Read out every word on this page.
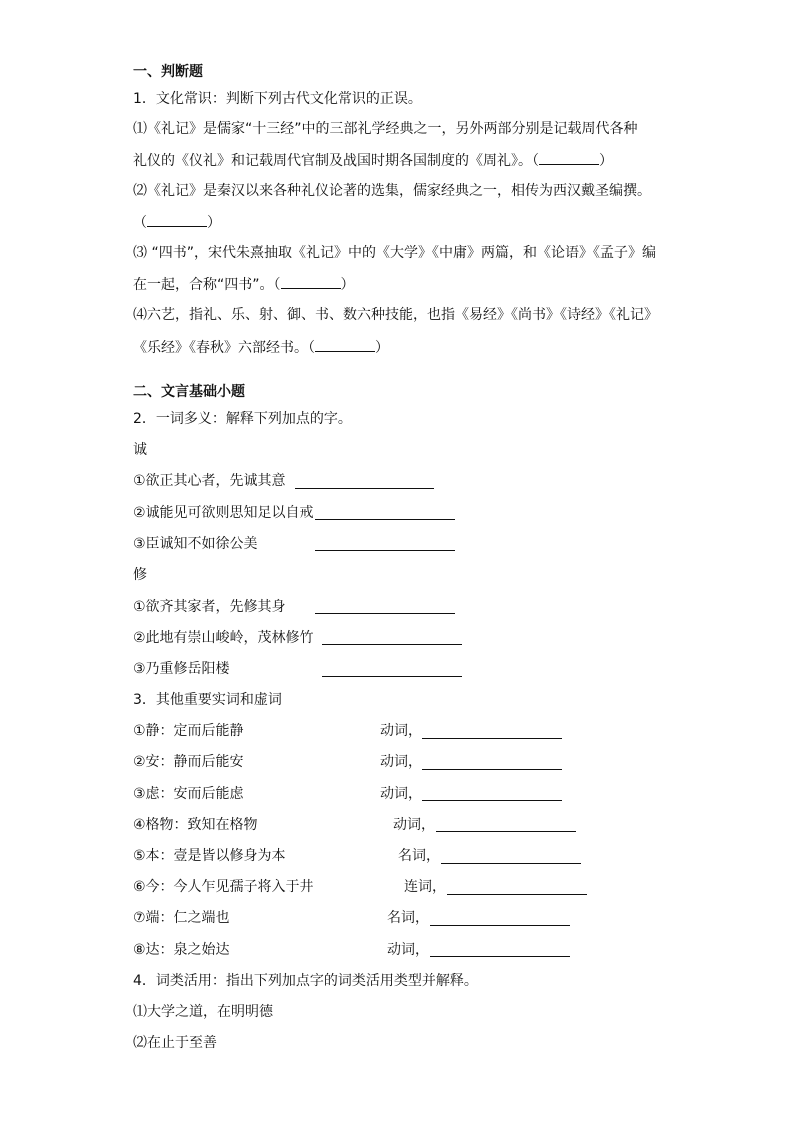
一、判断题
1．文化常识：判断下列古代文化常识的正误。
⑴《礼记》是儒家“十三经”中的三部礼学经典之一，另外两部分别是记载周代各种
礼仪的《仪礼》和记载周代官制及战国时期各国制度的《周礼》。（	）
⑵《礼记》是秦汉以来各种礼仪论著的选集，儒家经典之一，相传为西汉戴圣编撰。
（	）
⑶ “四书”，宋代朱熹抽取《礼记》中的《大学》《中庸》两篇，和《论语》《孟子》编
在一起，合称“四书”。（	）
⑷六艺，指礼、乐、射、御、书、数六种技能，也指《易经》《尚书》《诗经》《礼记》
《乐经》《春秋》六部经书。（	）
二、文言基础小题
2．一词多义：解释下列加点的字。
诚
①欲正其心者，先诚其意
②诚能见可欲则思知足以自戒
③臣诚知不如徐公美
修
①欲齐其家者，先修其身
②此地有崇山峻岭，茂林修竹
③乃重修岳阳楼
3．其他重要实词和虚词
①静：定而后能静	动词，
②安：静而后能安	动词，
③虑：安而后能虑	动词，
④格物：致知在格物	动词，
⑤本：壹是皆以修身为本	名词，
⑥今：今人乍见孺子将入于井	连词，
⑦端：仁之端也	名词，
⑧达：泉之始达	动词，
4．词类活用：指出下列加点字的词类活用类型并解释。
⑴大学之道，在明明德
⑵在止于至善
